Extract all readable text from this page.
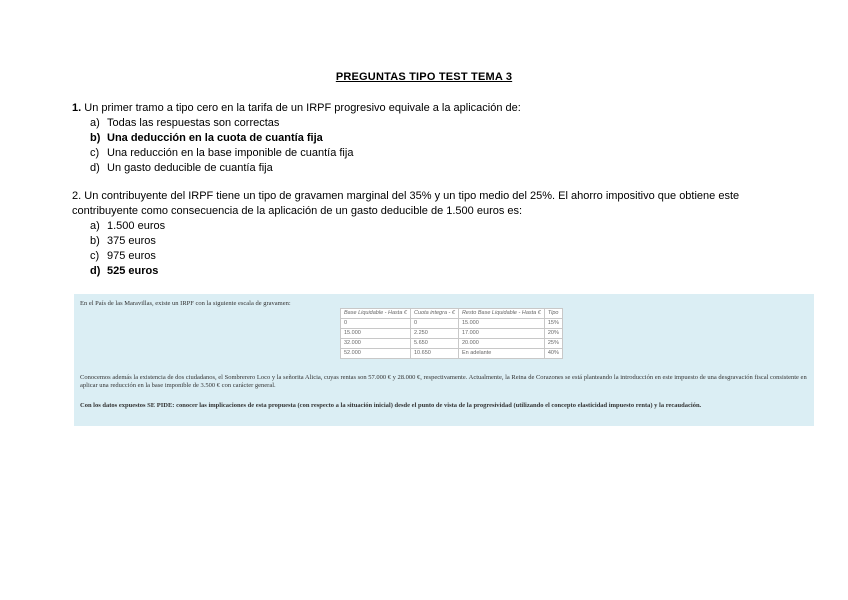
PREGUNTAS TIPO TEST TEMA 3
1. Un primer tramo a tipo cero en la tarifa de un IRPF progresivo equivale a la aplicación de:
a) Todas las respuestas son correctas
b) Una deducción en la cuota de cuantía fija
c) Una reducción en la base imponible de cuantía fija
d) Un gasto deducible de cuantía fija
2. Un contribuyente del IRPF tiene un tipo de gravamen marginal del 35% y un tipo medio del 25%. El ahorro impositivo que obtiene este contribuyente como consecuencia de la aplicación de un gasto deducible de 1.500 euros es:
a) 1.500 euros
b) 375 euros
c) 975 euros
d) 525 euros

En el País de las Maravillas, existe un IRPF con la siguiente escala de gravamen:

Base Liquidable - Hasta €	Cuota integra - €	Resto Base Liquidable - Hasta €	Tipo
0	0	15.000	15%
15.000	2.250	17.000	20%
32.000	5.650	20.000	25%
52.000	10.650	En adelante	40%

Conocemos además la existencia de dos ciudadanos, el Sombrerero Loco y la señorita Alicia, cuyas rentas son 57.000 € y 28.000 €, respectivamente. Actualmente, la Reina de Corazones se está planteando la introducción en este impuesto de una desgravación fiscal consistente en aplicar una reducción en la base imponible de 3.500 € con carácter general.

Con los datos expuestos SE PIDE: conocer las implicaciones de esta propuesta (con respecto a la situación inicial) desde el punto de vista de la progresividad (utilizando el concepto elasticidad impuesto renta) y la recaudación.
